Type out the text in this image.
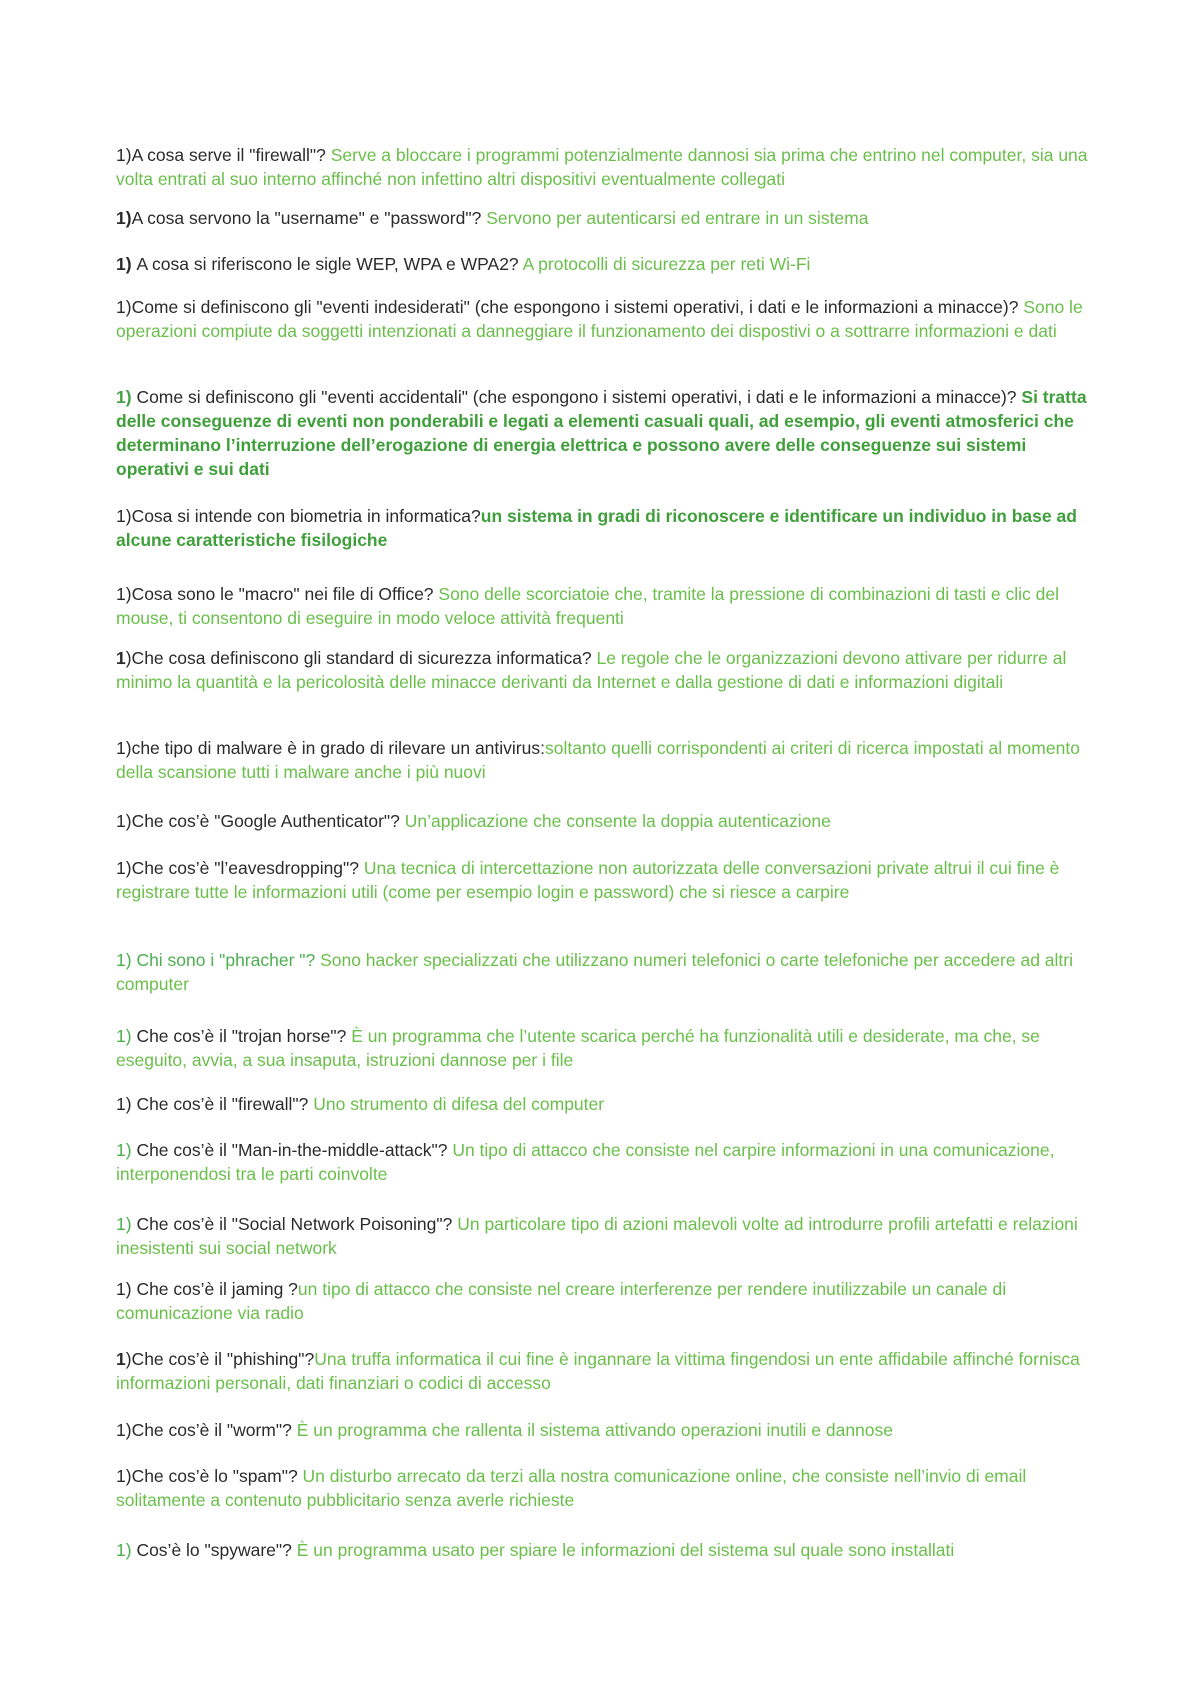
1)A cosa serve il "firewall"? Serve a bloccare i programmi potenzialmente dannosi sia prima che entrino nel computer, sia una volta entrati al suo interno affinché non infettino altri dispositivi eventualmente collegati

1)A cosa servono la "username" e "password"? Servono per autenticarsi ed entrare in un sistema

1) A cosa si riferiscono le sigle WEP, WPA e WPA2? A protocolli di sicurezza per reti Wi-Fi

1)Come si definiscono gli "eventi indesiderati" (che espongono i sistemi operativi, i dati e le informazioni a minacce)? Sono le operazioni compiute da soggetti intenzionati a danneggiare il funzionamento dei dispostivi o a sottrarre informazioni e dati

1) Come si definiscono gli "eventi accidentali" (che espongono i sistemi operativi, i dati e le informazioni a minacce)? Si tratta delle conseguenze di eventi non ponderabili e legati a elementi casuali quali, ad esempio, gli eventi atmosferici che determinano l’interruzione dell’erogazione di energia elettrica e possono avere delle conseguenze sui sistemi operativi e sui dati

1)Cosa si intende con biometria in informatica?un sistema in gradi di riconoscere e identificare un individuo in base ad alcune caratteristiche fisilogiche

1)Cosa sono le "macro" nei file di Office? Sono delle scorciatoie che, tramite la pressione di combinazioni di tasti e clic del mouse, ti consentono di eseguire in modo veloce attività frequenti

1)Che cosa definiscono gli standard di sicurezza informatica? Le regole che le organizzazioni devono attivare per ridurre al minimo la quantità e la pericolosità delle minacce derivanti da Internet e dalla gestione di dati e informazioni digitali

1)che tipo di malware è in grado di rilevare un antivirus:soltanto quelli corrispondenti ai criteri di ricerca impostati al momento della scansione tutti i malware anche i più nuovi

1)Che cos’è "Google Authenticator"? Un’applicazione che consente la doppia autenticazione

1)Che cos’è "l’eavesdropping"? Una tecnica di intercettazione non autorizzata delle conversazioni private altrui il cui fine è registrare tutte le informazioni utili (come per esempio login e password) che si riesce a carpire

1) Chi sono i "phracher "? Sono hacker specializzati che utilizzano numeri telefonici o carte telefoniche per accedere ad altri computer

1) Che cos’è il "trojan horse"? È un programma che l’utente scarica perché ha funzionalità utili e desiderate, ma che, se eseguito, avvia, a sua insaputa, istruzioni dannose per i file

1) Che cos’è il "firewall"? Uno strumento di difesa del computer

1) Che cos’è il "Man-in-the-middle-attack"? Un tipo di attacco che consiste nel carpire informazioni in una comunicazione, interponendosi tra le parti coinvolte

1) Che cos’è il "Social Network Poisoning"? Un particolare tipo di azioni malevoli volte ad introdurre profili artefatti e relazioni inesistenti sui social network

1) Che cos’è il jaming ?un tipo di attacco che consiste nel creare interferenze per rendere inutilizzabile un canale di comunicazione via radio

1)Che cos’è il "phishing"?Una truffa informatica il cui fine è ingannare la vittima fingendosi un ente affidabile affinché fornisca informazioni personali, dati finanziari o codici di accesso

1)Che cos’è il "worm"? È un programma che rallenta il sistema attivando operazioni inutili e dannose

1)Che cos’è lo "spam"? Un disturbo arrecato da terzi alla nostra comunicazione online, che consiste nell’invio di email solitamente a contenuto pubblicitario senza averle richieste

1) Cos’è lo "spyware"? È un programma usato per spiare le informazioni del sistema sul quale sono installati
